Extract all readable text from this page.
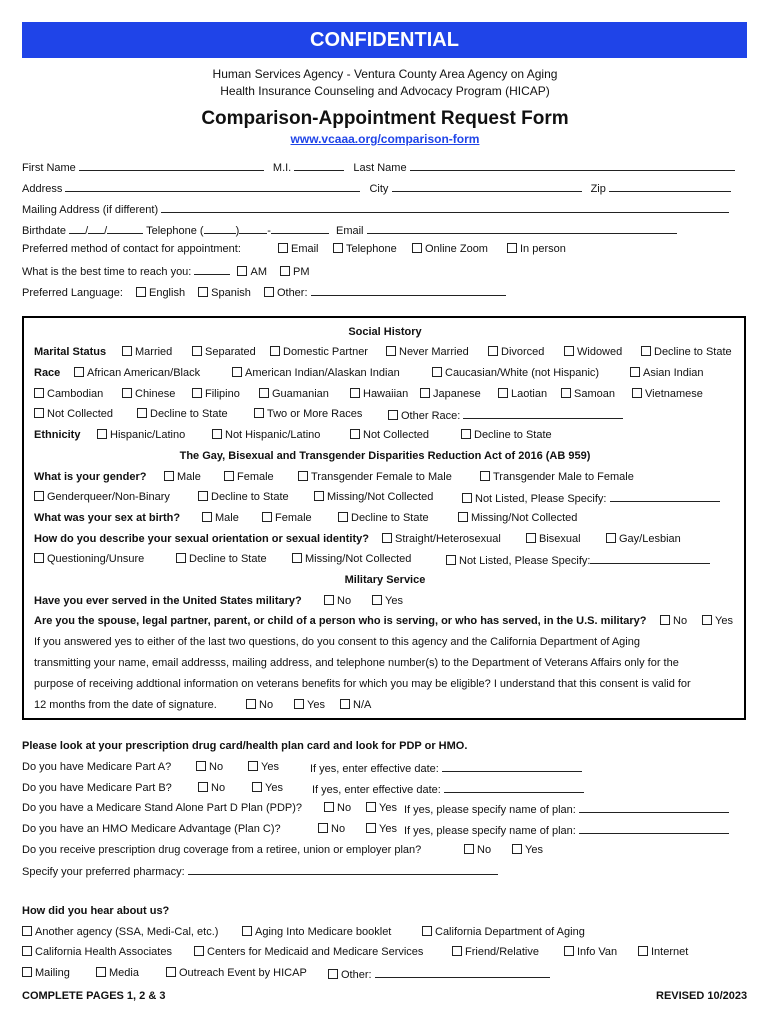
CONFIDENTIAL
Human Services Agency - Ventura County Area Agency on Aging
Health Insurance Counseling and Advocacy Program (HICAP)
Comparison-Appointment Request Form
www.vcaaa.org/comparison-form
First Name	M.I.	Last Name
Address	City	Zip
Mailing Address (if different)
Birthdate / /	Telephone (	)	-	Email
Preferred method of contact for appointment:	Email	Telephone	Online Zoom	In person
What is the best time to reach you:	AM PM
Preferred Language: English Spanish Other:
Social History
Marital Status	Married	Separated	Domestic Partner	Never Married	Divorced	Widowed	Decline to State
Race	African American/Black	American Indian/Alaskan Indian	Caucasian/White (not Hispanic)	Asian Indian
Cambodian	Chinese	Filipino	Guamanian	Hawaiian	Japanese	Laotian	Samoan	Vietnamese
Not Collected	Decline to State	Two or More Races	Other Race:
Ethnicity	Hispanic/Latino	Not Hispanic/Latino	Not Collected	Decline to State
The Gay, Bisexual and Transgender Disparities Reduction Act of 2016 (AB 959)
What is your gender?	Male	Female	Transgender Female to Male	Transgender Male to Female
Genderqueer/Non-Binary	Decline to State	Missing/Not Collected	Not Listed, Please Specify:
What was your sex at birth?	Male	Female	Decline to State	Missing/Not Collected
How do you describe your sexual orientation or sexual identity?	Straight/Heterosexual	Bisexual	Gay/Lesbian
Questioning/Unsure	Decline to State	Missing/Not Collected	Not Listed, Please Specify:
Military Service
Have you ever served in the United States military?	No	Yes
Are you the spouse, legal partner, parent, or child of a person who is serving, or who has served, in the U.S. military?	No	Yes
If you answered yes to either of the last two questions, do you consent to this agency and the California Department of Aging
transmitting your name, email addresss, mailing address, and telephone number(s) to the Department of Veterans Affairs only for the
purpose of receiving addtional information on veterans benefits for which you may be eligible? I understand that this consent is valid for
12 months from the date of signature.	No	Yes	N/A
Please look at your prescription drug card/health plan card and look for PDP or HMO.
Do you have Medicare Part A?	No	Yes	If yes, enter effective date:
Do you have Medicare Part B?	No	Yes	If yes, enter effective date:
Do you have a Medicare Stand Alone Part D Plan (PDP)?	No	Yes If yes, please specify name of plan:
Do you have an HMO Medicare Advantage (Plan C)?	No	Yes If yes, please specify name of plan:
Do you receive prescription drug coverage from a retiree, union or employer plan?	No	Yes
Specify your preferred pharmacy:
How did you hear about us?
Another agency (SSA, Medi-Cal, etc.)	Aging Into Medicare booklet	California Department of Aging
California Health Associates	Centers for Medicaid and Medicare Services	Friend/Relative	Info Van	Internet
Mailing	Media	Outreach Event by HICAP	Other:
COMPLETE PAGES 1, 2 & 3	REVISED 10/2023
